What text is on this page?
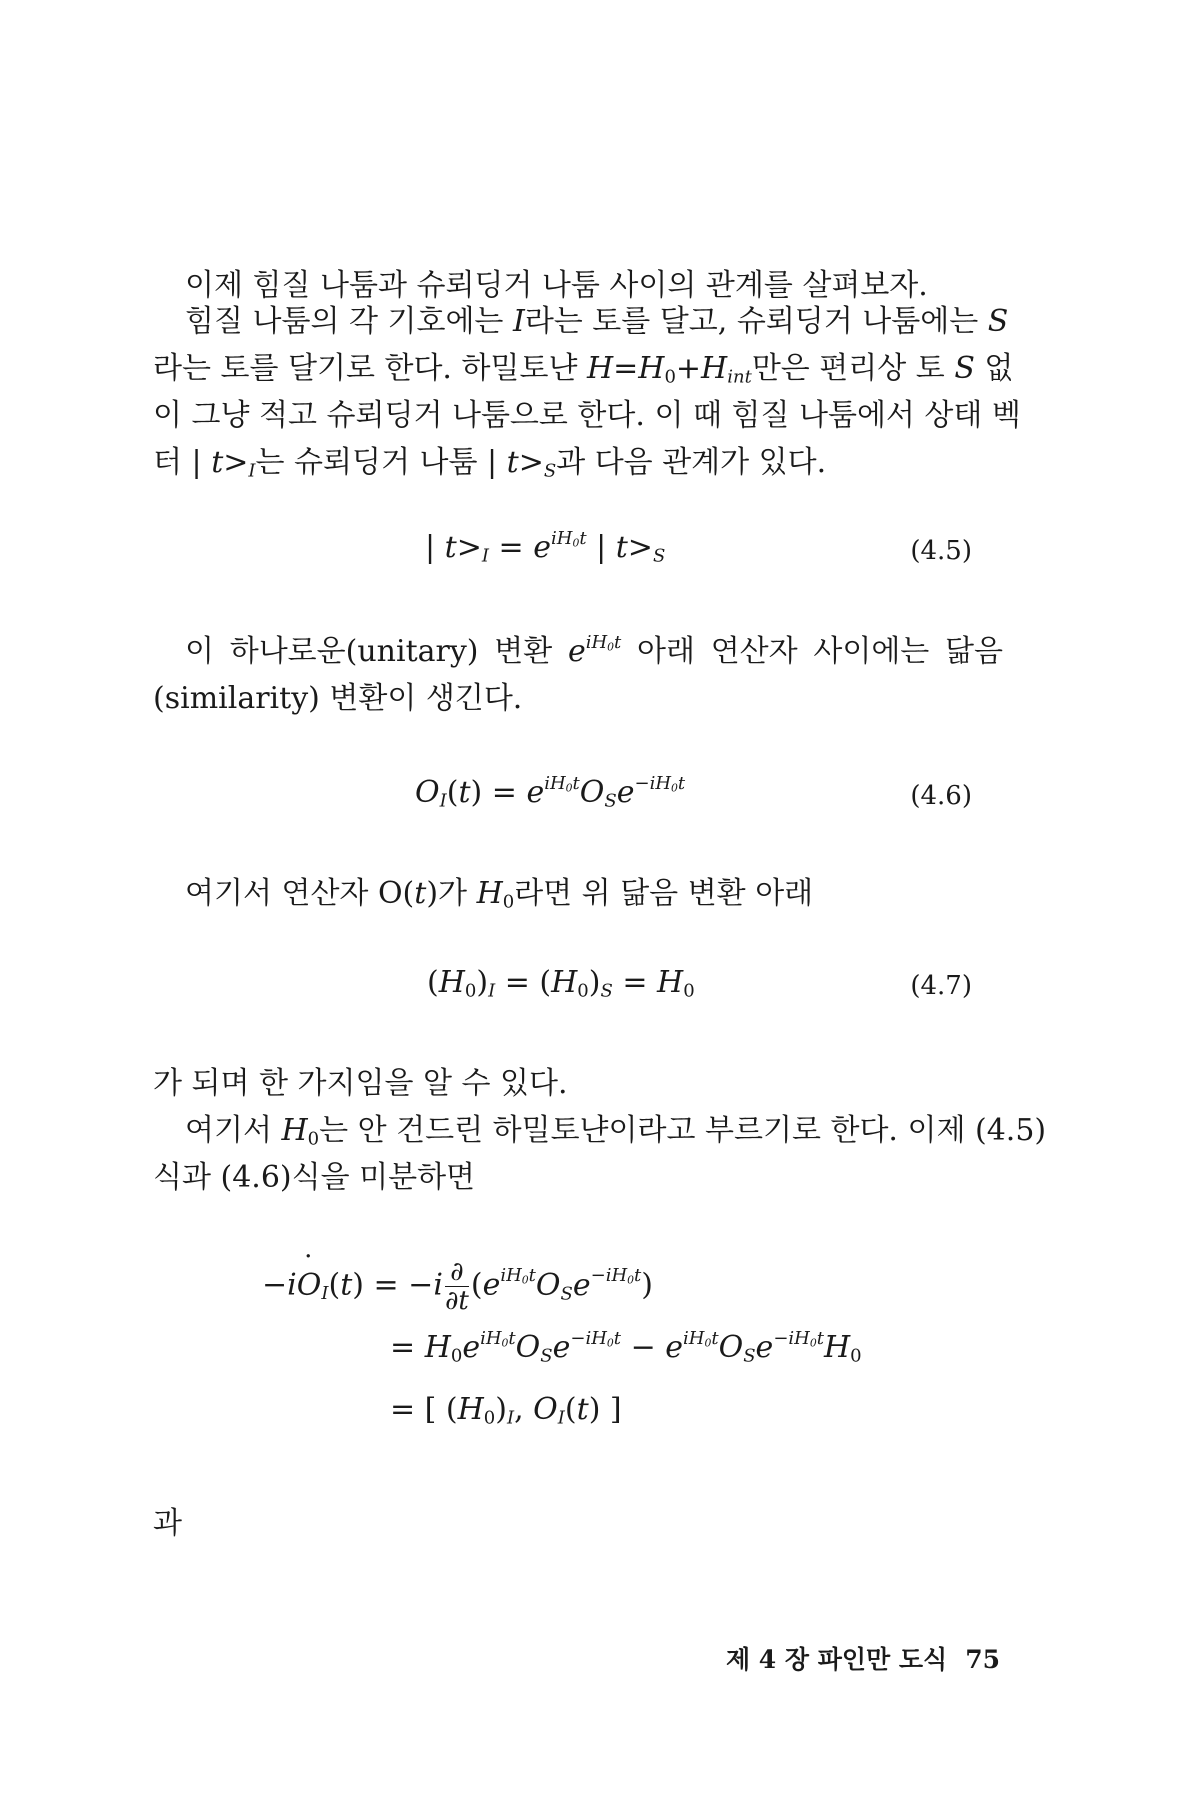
이제 힘질 나툼과 슈뢰딩거 나툼 사이의 관계를 살펴보자.
힘질 나툼의 각 기호에는 I라는 토를 달고, 슈뢰딩거 나툼에는 S
라는 토를 달기로 한다. 하밀토냔 $H=H_0+H_{int}$만은 편리상 토 S 없
이 그냥 적고 슈뢰딩거 나툼으로 한다. 이 때 힘질 나툼에서 상태 벡
터 | $t>_I$는 슈뢰딩거 나툼 | $t>_S$과 다음 관계가 있다.
| $t>_I = e^{iH_0t}$ | $t>_S$	(4.5)
이 하나로운(unitary) 변환 $e^{iH_0t}$ 아래 연산자 사이에는 닮음
(similarity) 변환이 생긴다.
$O_I(t) = e^{iH_0t}O_Se^{-iH_0t}$	(4.6)
여기서 연산자 O(t)가 $H_0$라면 위 닮음 변환 아래
$(H_0)_I = (H_0)_S = H_0$	(4.7)
가 되며 한 가지임을 알 수 있다.
여기서 $H_0$는 안 건드린 하밀토냔이라고 부르기로 한다. 이제 (4.5)
식과 (4.6)식을 미분하면
−iO $˙_I(t) = -i \frac{\partial}{\partial t} (e^{iH_0t}O_Se^{-iH_0t})$
= $H_0e^{iH_0t}O_Se^{-iH_0t} - e^{iH_0t}O_Se^{-iH_0t}H_0$
= [ $(H_0)_I$, $O_I(t)$ ]
과
제 4 장 파인만 도식 75
